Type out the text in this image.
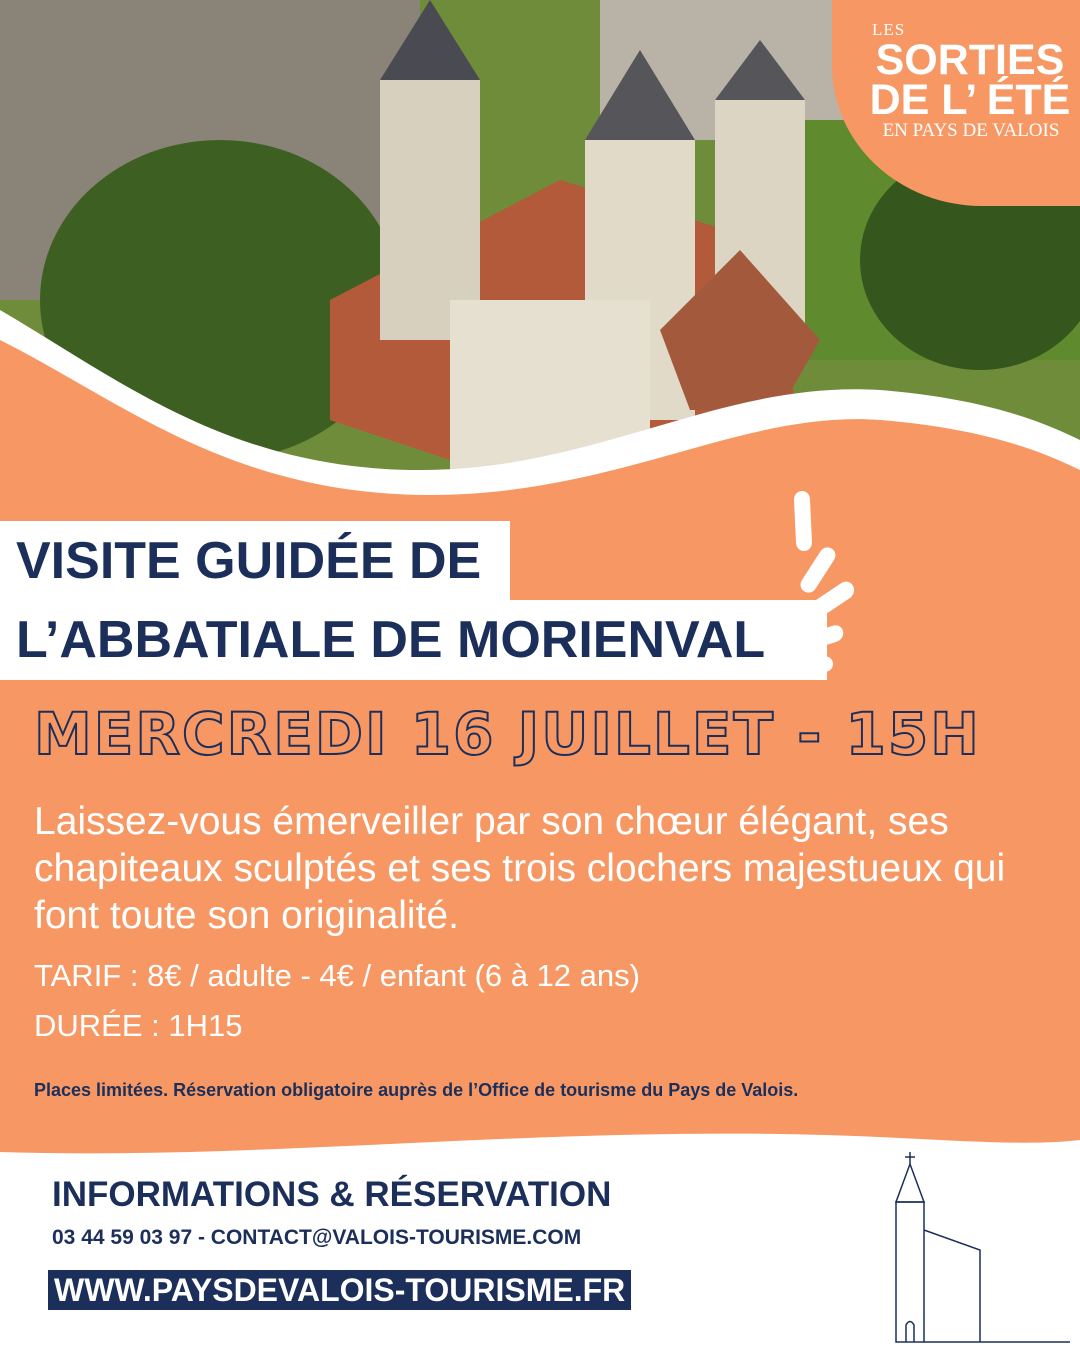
LES
SORTIES
DE L’ ÉTÉ
EN PAYS DE VALOIS
VISITE GUIDÉE DE
L’ABBATIALE DE MORIENVAL
MERCREDI 16 JUILLET - 15H
Laissez-vous émerveiller par son chœur élégant, ses chapiteaux sculptés et ses trois clochers majestueux qui font toute son originalité.
TARIF : 8€ / adulte - 4€ / enfant (6 à 12 ans)
DURÉE : 1H15
Places limitées. Réservation obligatoire auprès de l’Office de tourisme du Pays de Valois.
INFORMATIONS & RÉSERVATION
03 44 59 03 97 - CONTACT@VALOIS-TOURISME.COM
WWW.PAYSDEVALOIS-TOURISME.FR
